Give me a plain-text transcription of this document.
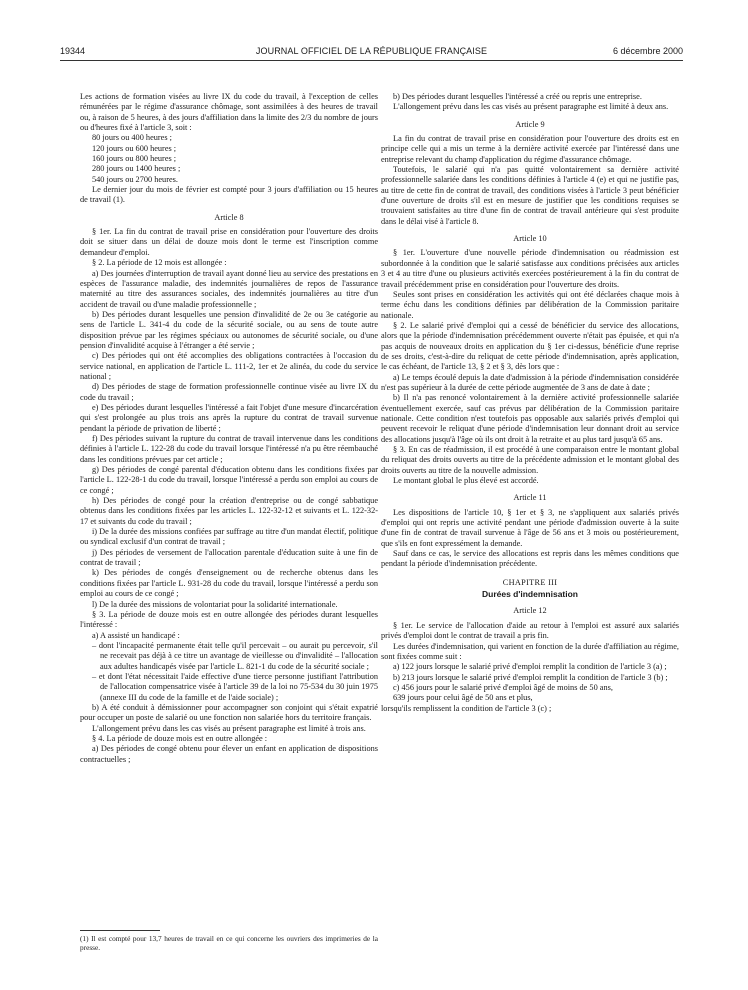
19344	JOURNAL OFFICIEL DE LA RÉPUBLIQUE FRANÇAISE	6 décembre 2000

Les actions de formation visées au livre IX du code du travail, à l'exception de celles rémunérées par le régime d'assurance chômage, sont assimilées à des heures de travail ou, à raison de 5 heures, à des jours d'affiliation dans la limite des 2/3 du nombre de jours ou d'heures fixé à l'article 3, soit :

80 jours ou 400 heures ;

120 jours ou 600 heures ;

160 jours ou 800 heures ;

280 jours ou 1400 heures ;

540 jours ou 2700 heures.

Le dernier jour du mois de février est compté pour 3 jours d'affiliation ou 15 heures de travail (1).

Article 8

§ 1er. La fin du contrat de travail prise en considération pour l'ouverture des droits doit se situer dans un délai de douze mois dont le terme est l'inscription comme demandeur d'emploi.

§ 2. La période de 12 mois est allongée :

a) Des journées d'interruption de travail ayant donné lieu au service des prestations en espèces de l'assurance maladie, des indemnités journalières de repos de l'assurance maternité au titre des assurances sociales, des indemnités journalières au titre d'un accident de travail ou d'une maladie professionnelle ;

b) Des périodes durant lesquelles une pension d'invalidité de 2e ou 3e catégorie au sens de l'article L. 341-4 du code de la sécurité sociale, ou au sens de toute autre disposition prévue par les régimes spéciaux ou autonomes de sécurité sociale, ou d'une pension d'invalidité acquise à l'étranger a été servie ;

c) Des périodes qui ont été accomplies des obligations contractées à l'occasion du service national, en application de l'article L. 111-2, 1er et 2e alinéa, du code du service national ;

d) Des périodes de stage de formation professionnelle continue visée au livre IX du code du travail ;

e) Des périodes durant lesquelles l'intéressé a fait l'objet d'une mesure d'incarcération qui s'est prolongée au plus trois ans après la rupture du contrat de travail survenue pendant la période de privation de liberté ;

f) Des périodes suivant la rupture du contrat de travail intervenue dans les conditions définies à l'article L. 122-28 du code du travail lorsque l'intéressé n'a pu être réembauché dans les conditions prévues par cet article ;

g) Des périodes de congé parental d'éducation obtenu dans les conditions fixées par l'article L. 122-28-1 du code du travail, lorsque l'intéressé a perdu son emploi au cours de ce congé ;

h) Des périodes de congé pour la création d'entreprise ou de congé sabbatique obtenus dans les conditions fixées par les articles L. 122-32-12 et suivants et L. 122-32-17 et suivants du code du travail ;

i) De la durée des missions confiées par suffrage au titre d'un mandat électif, politique ou syndical exclusif d'un contrat de travail ;

j) Des périodes de versement de l'allocation parentale d'éducation suite à une fin de contrat de travail ;

k) Des périodes de congés d'enseignement ou de recherche obtenus dans les conditions fixées par l'article L. 931-28 du code du travail, lorsque l'intéressé a perdu son emploi au cours de ce congé ;

l) De la durée des missions de volontariat pour la solidarité internationale.

§ 3. La période de douze mois est en outre allongée des périodes durant lesquelles l'intéressé :

a) A assisté un handicapé :

– dont l'incapacité permanente était telle qu'il percevait – ou aurait pu percevoir, s'il ne recevait pas déjà à ce titre un avantage de vieillesse ou d'invalidité – l'allocation aux adultes handicapés visée par l'article L. 821-1 du code de la sécurité sociale ;

– et dont l'état nécessitait l'aide effective d'une tierce personne justifiant l'attribution de l'allocation compensatrice visée à l'article 39 de la loi no 75-534 du 30 juin 1975 (annexe III du code de la famille et de l'aide sociale) ;

b) A été conduit à démissionner pour accompagner son conjoint qui s'était expatrié pour occuper un poste de salarié ou une fonction non salariée hors du territoire français.

L'allongement prévu dans les cas visés au présent paragraphe est limité à trois ans.

§ 4. La période de douze mois est en outre allongée :

a) Des périodes de congé obtenu pour élever un enfant en application de dispositions contractuelles ;

b) Des périodes durant lesquelles l'intéressé a créé ou repris une entreprise.

L'allongement prévu dans les cas visés au présent paragraphe est limité à deux ans.

Article 9

La fin du contrat de travail prise en considération pour l'ouverture des droits est en principe celle qui a mis un terme à la dernière activité exercée par l'intéressé dans une entreprise relevant du champ d'application du régime d'assurance chômage.

Toutefois, le salarié qui n'a pas quitté volontairement sa dernière activité professionnelle salariée dans les conditions définies à l'article 4 (e) et qui ne justifie pas, au titre de cette fin de contrat de travail, des conditions visées à l'article 3 peut bénéficier d'une ouverture de droits s'il est en mesure de justifier que les conditions requises se trouvaient satisfaites au titre d'une fin de contrat de travail antérieure qui s'est produite dans le délai visé à l'article 8.

Article 10

§ 1er. L'ouverture d'une nouvelle période d'indemnisation ou réadmission est subordonnée à la condition que le salarié satisfasse aux conditions précisées aux articles 3 et 4 au titre d'une ou plusieurs activités exercées postérieurement à la fin du contrat de travail précédemment prise en considération pour l'ouverture des droits.

Seules sont prises en considération les activités qui ont été déclarées chaque mois à terme échu dans les conditions définies par délibération de la Commission paritaire nationale.

§ 2. Le salarié privé d'emploi qui a cessé de bénéficier du service des allocations, alors que la période d'indemnisation précédemment ouverte n'était pas épuisée, et qui n'a pas acquis de nouveaux droits en application du § 1er ci-dessus, bénéficie d'une reprise de ses droits, c'est-à-dire du reliquat de cette période d'indemnisation, après application, le cas échéant, de l'article 13, § 2 et § 3, dès lors que :

a) Le temps écoulé depuis la date d'admission à la période d'indemnisation considérée n'est pas supérieur à la durée de cette période augmentée de 3 ans de date à date ;

b) Il n'a pas renoncé volontairement à la dernière activité professionnelle salariée éventuellement exercée, sauf cas prévus par délibération de la Commission paritaire nationale. Cette condition n'est toutefois pas opposable aux salariés privés d'emploi qui peuvent recevoir le reliquat d'une période d'indemnisation leur donnant droit au service des allocations jusqu'à l'âge où ils ont droit à la retraite et au plus tard jusqu'à 65 ans.

§ 3. En cas de réadmission, il est procédé à une comparaison entre le montant global du reliquat des droits ouverts au titre de la précédente admission et le montant global des droits ouverts au titre de la nouvelle admission.

Le montant global le plus élevé est accordé.

Article 11

Les dispositions de l'article 10, § 1er et § 3, ne s'appliquent aux salariés privés d'emploi qui ont repris une activité pendant une période d'admission ouverte à la suite d'une fin de contrat de travail survenue à l'âge de 56 ans et 3 mois ou postérieurement, que s'ils en font expressément la demande.

Sauf dans ce cas, le service des allocations est repris dans les mêmes conditions que pendant la période d'indemnisation précédente.

CHAPITRE III
Durées d'indemnisation
Article 12

§ 1er. Le service de l'allocation d'aide au retour à l'emploi est assuré aux salariés privés d'emploi dont le contrat de travail a pris fin.

Les durées d'indemnisation, qui varient en fonction de la durée d'affiliation au régime, sont fixées comme suit :

a) 122 jours lorsque le salarié privé d'emploi remplit la condition de l'article 3 (a) ;

b) 213 jours lorsque le salarié privé d'emploi remplit la condition de l'article 3 (b) ;

c) 456 jours pour le salarié privé d'emploi âgé de moins de 50 ans,

639 jours pour celui âgé de 50 ans et plus,

lorsqu'ils remplissent la condition de l'article 3 (c) ;

(1) Il est compté pour 13,7 heures de travail en ce qui concerne les ouvriers des imprimeries de la presse.
